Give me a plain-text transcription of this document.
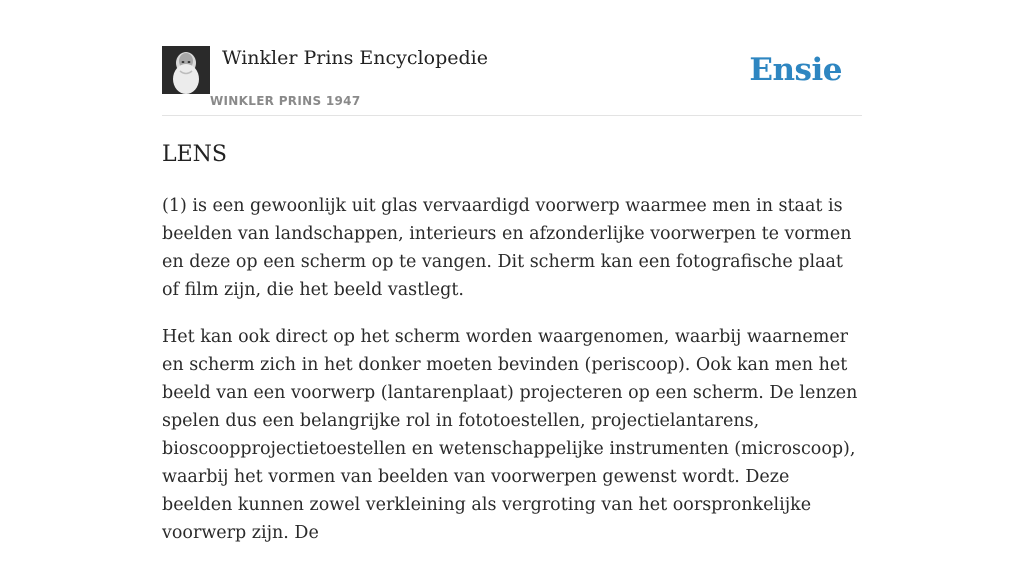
Winkler Prins Encyclopedie
WINKLER PRINS 1947
Ensie
LENS

(1) is een gewoonlijk uit glas vervaardigd voorwerp waarmee men in staat is beelden van landschappen, interieurs en afzonderlijke voorwerpen te vormen en deze op een scherm op te vangen. Dit scherm kan een fotografische plaat of film zijn, die het beeld vastlegt.

Het kan ook direct op het scherm worden waargenomen, waarbij waarnemer en scherm zich in het donker moeten bevinden (periscoop). Ook kan men het beeld van een voorwerp (lantarenplaat) projecteren op een scherm. De lenzen spelen dus een belangrijke rol in fototoestellen, projectielantarens, bioscoopprojectietoestellen en wetenschappelijke instrumenten (microscoop), waarbij het vormen van beelden van voorwerpen gewenst wordt. Deze beelden kunnen zowel verkleining als vergroting van het oorspronkelijke voorwerp zijn. De
